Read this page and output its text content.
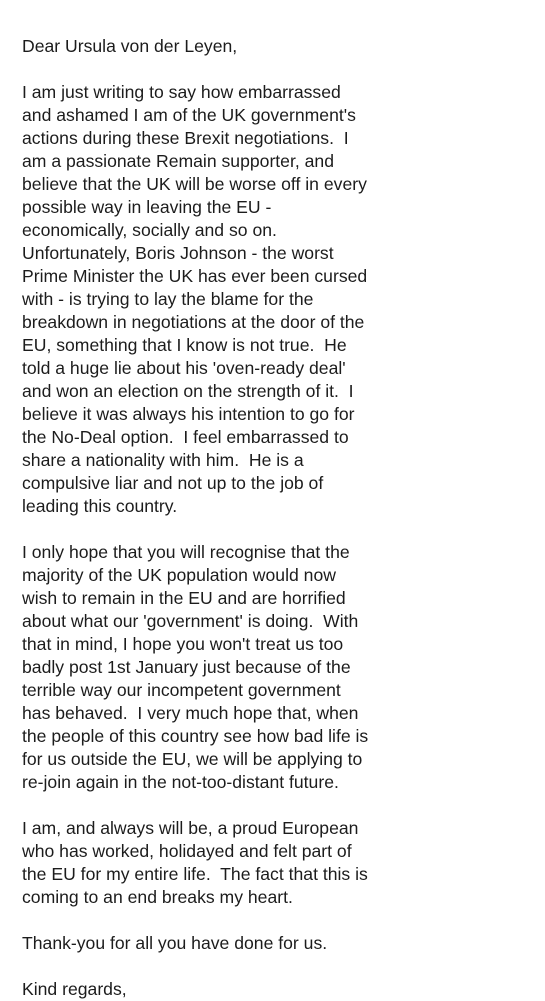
Dear Ursula von der Leyen,
I am just writing to say how embarrassed
and ashamed I am of the UK government's
actions during these Brexit negotiations.  I
am a passionate Remain supporter, and
believe that the UK will be worse off in every
possible way in leaving the EU -
economically, socially and so on.
Unfortunately, Boris Johnson - the worst
Prime Minister the UK has ever been cursed
with - is trying to lay the blame for the
breakdown in negotiations at the door of the
EU, something that I know is not true.  He
told a huge lie about his 'oven-ready deal'
and won an election on the strength of it.  I
believe it was always his intention to go for
the No-Deal option.  I feel embarrassed to
share a nationality with him.  He is a
compulsive liar and not up to the job of
leading this country.
I only hope that you will recognise that the
majority of the UK population would now
wish to remain in the EU and are horrified
about what our 'government' is doing.  With
that in mind, I hope you won't treat us too
badly post 1st January just because of the
terrible way our incompetent government
has behaved.  I very much hope that, when
the people of this country see how bad life is
for us outside the EU, we will be applying to
re-join again in the not-too-distant future.
I am, and always will be, a proud European
who has worked, holidayed and felt part of
the EU for my entire life.  The fact that this is
coming to an end breaks my heart.
Thank-you for all you have done for us.
Kind regards,
